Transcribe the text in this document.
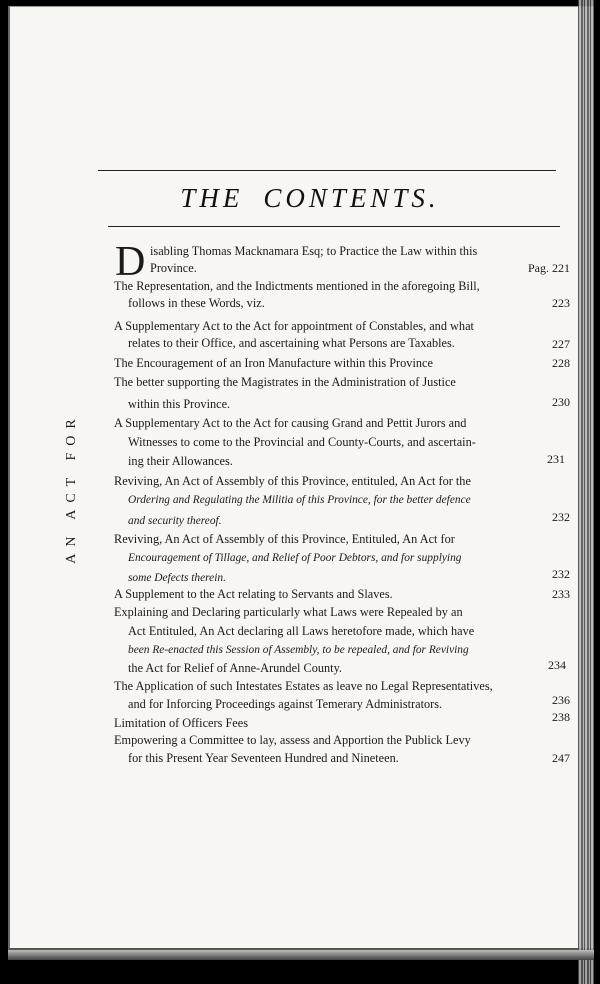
THE CONTENTS.
AN ACT FOR
D isabling Thomas Macknamara Esq; to Practice the Law within this
Province.	Pag. 221
The Representation, and the Indictments mentioned in the aforegoing Bill,
follows in these Words, viz.	223
A Supplementary Act to the Act for appointment of Constables, and what
relates to their Office, and ascertaining what Persons are Taxables.	227
The Encouragement of an Iron Manufacture within this Province	228
The better supporting the Magistrates in the Administration of Justice
within this Province.	230
A Supplementary Act to the Act for causing Grand and Pettit Jurors and
Witnesses to come to the Provincial and County-Courts, and ascertain-
ing their Allowances.	231
Reviving, An Act of Assembly of this Province, entituled, An Act for the
Ordering and Regulating the Militia of this Province, for the better defence
and security thereof.	232
Reviving, An Act of Assembly of this Province, Entituled, An Act for
Encouragement of Tillage, and Relief of Poor Debtors, and for supplying
some Defects therein.	232
A Supplement to the Act relating to Servants and Slaves.	233
Explaining and Declaring particularly what Laws were Repealed by an
Act Entituled, An Act declaring all Laws heretofore made, which have
been Re-enacted this Session of Assembly, to be repealed, and for Reviving
the Act for Relief of Anne-Arundel County.	234
The Application of such Intestates Estates as leave no Legal Representatives,
and for Inforcing Proceedings against Temerary Administrators.	236
Limitation of Officers Fees	238
Empowering a Committee to lay, assess and Apportion the Publick Levy
for this Present Year Seventeen Hundred and Nineteen.	247
